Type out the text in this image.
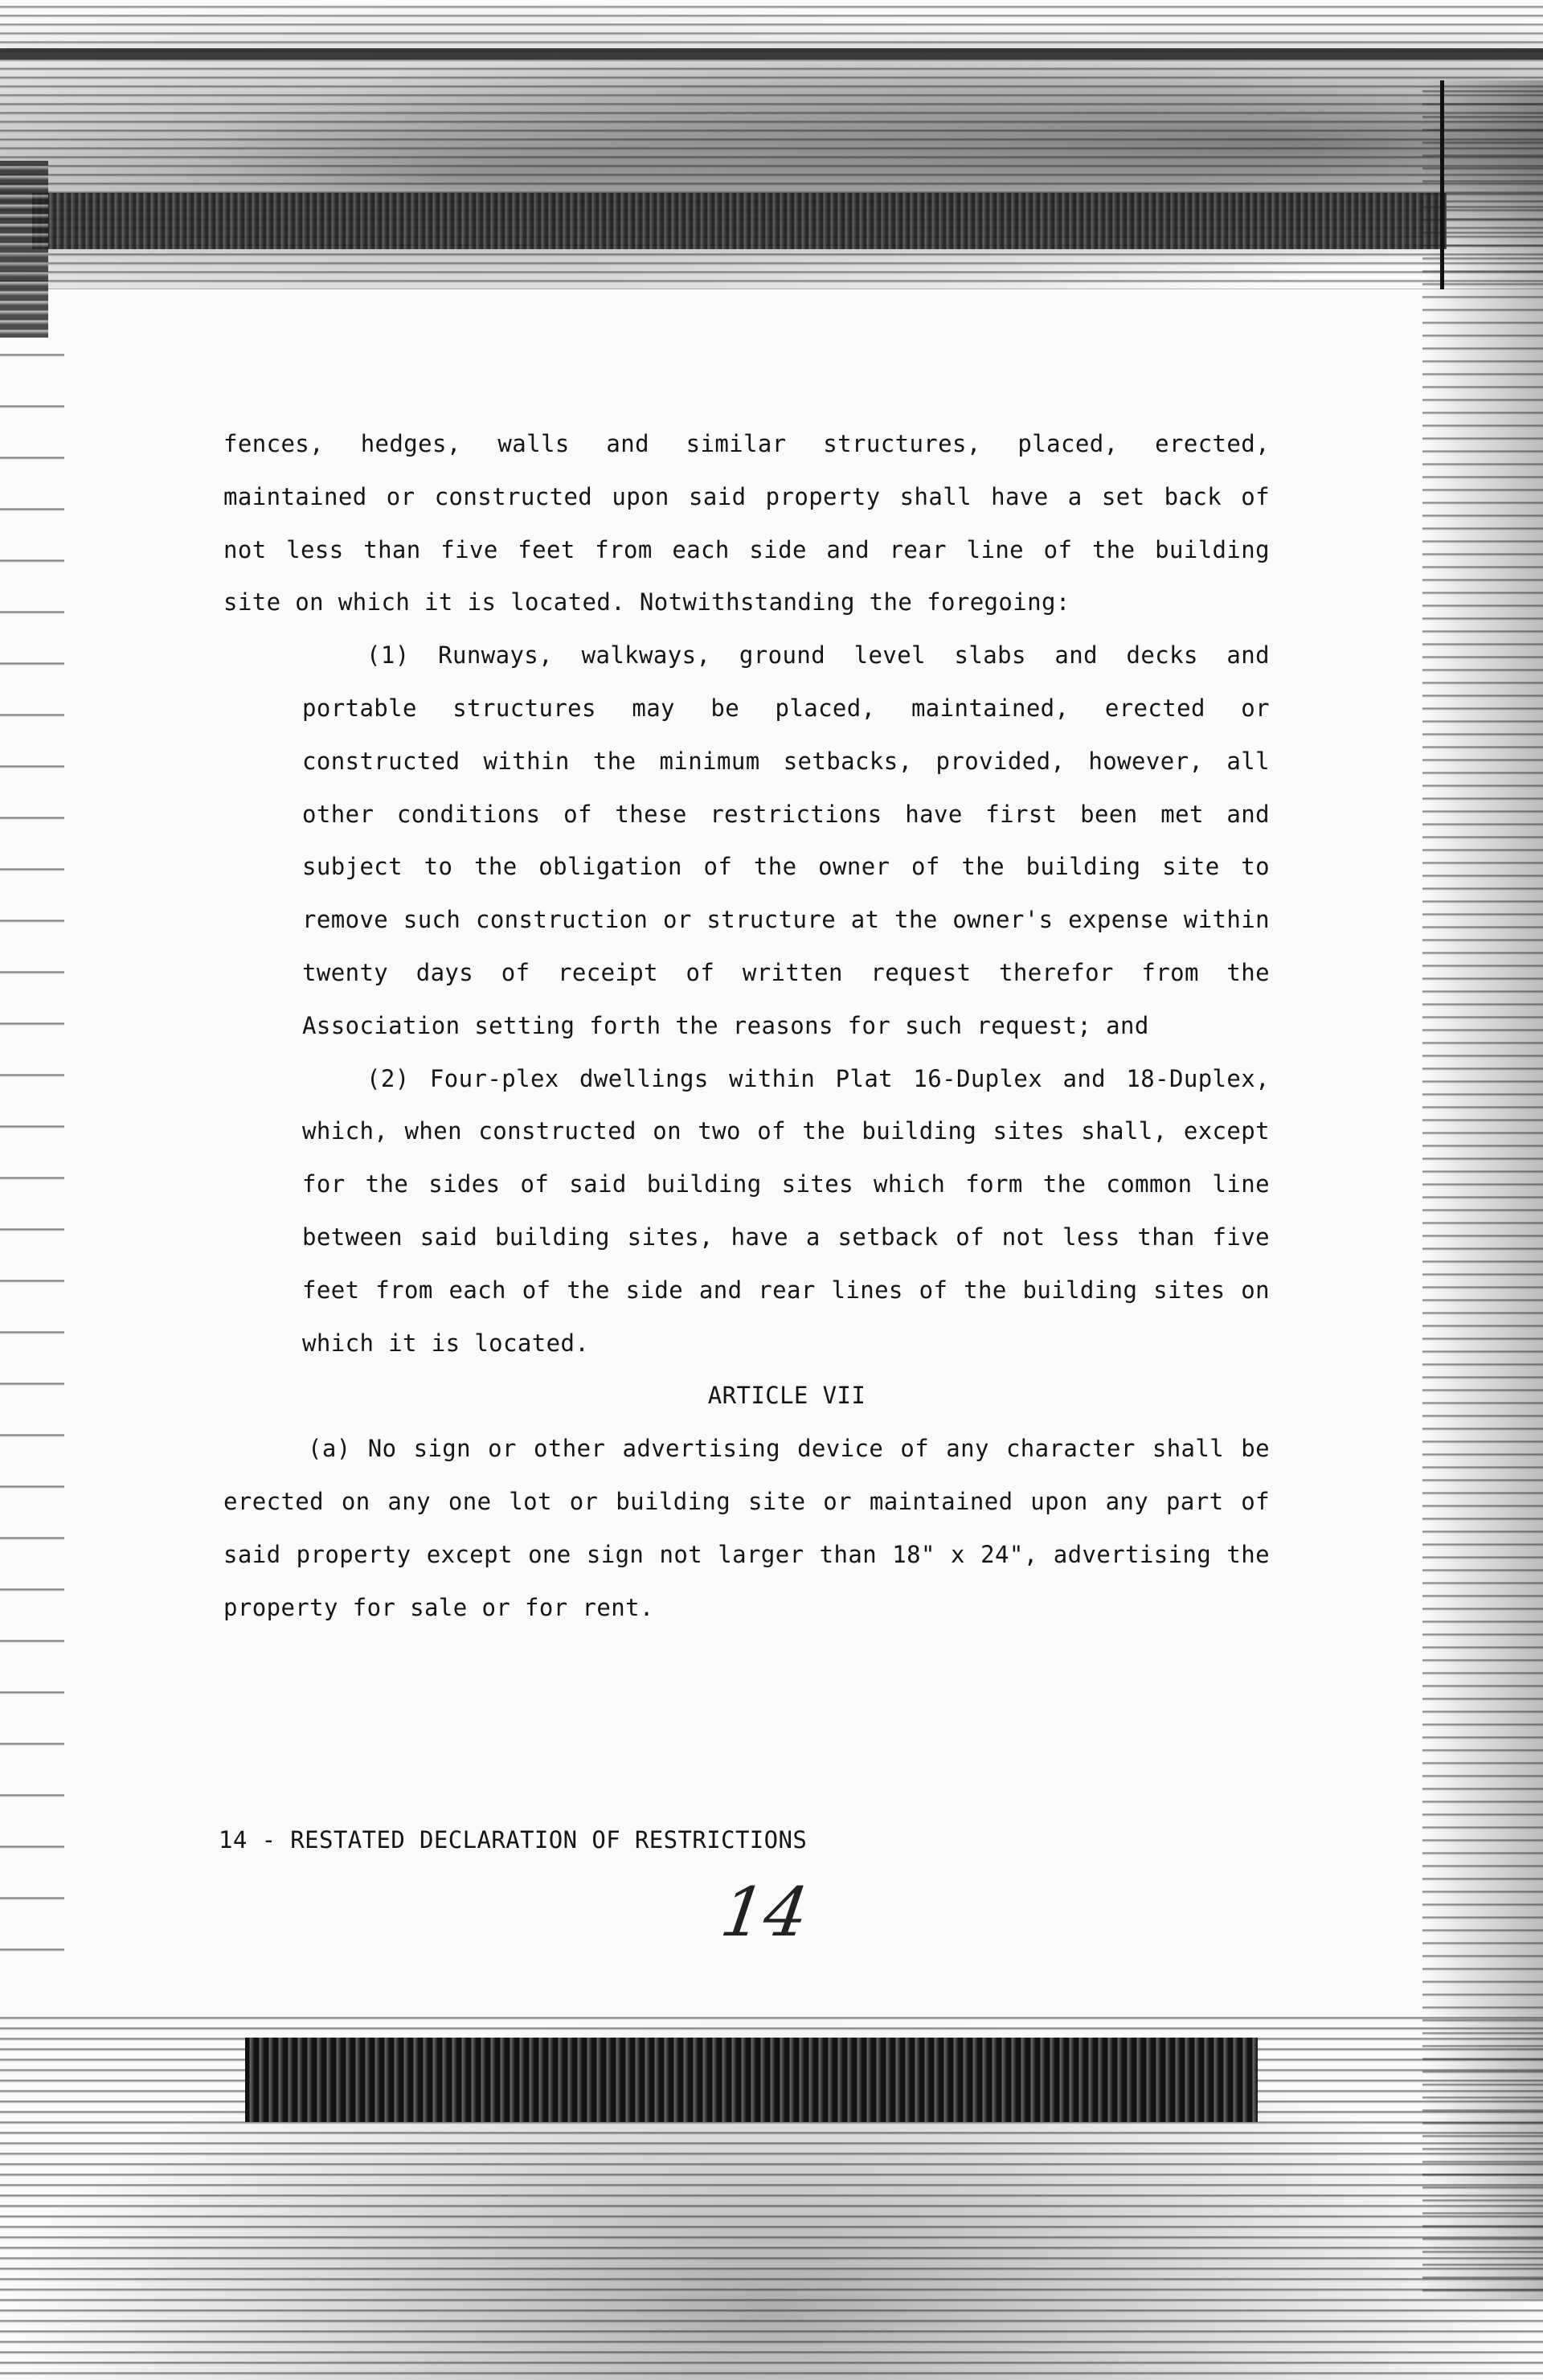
fences, hedges, walls and similar structures, placed, erected, maintained or constructed upon said property shall have a set back of not less than five feet from each side and rear line of the building site on which it is located. Notwithstanding the foregoing:

(1) Runways, walkways, ground level slabs and decks and portable structures may be placed, maintained, erected or constructed within the minimum setbacks, provided, however, all other conditions of these restrictions have first been met and subject to the obligation of the owner of the building site to remove such construction or structure at the owner's expense within twenty days of receipt of written request therefor from the Association setting forth the reasons for such request; and

(2) Four-plex dwellings within Plat 16-Duplex and 18-Duplex, which, when constructed on two of the building sites shall, except for the sides of said building sites which form the common line between said building sites, have a setback of not less than five feet from each of the side and rear lines of the building sites on which it is located.

ARTICLE VII

(a) No sign or other advertising device of any character shall be erected on any one lot or building site or maintained upon any part of said property except one sign not larger than 18" x 24", advertising the property for sale or for rent.

14 - RESTATED DECLARATION OF RESTRICTIONS
14
